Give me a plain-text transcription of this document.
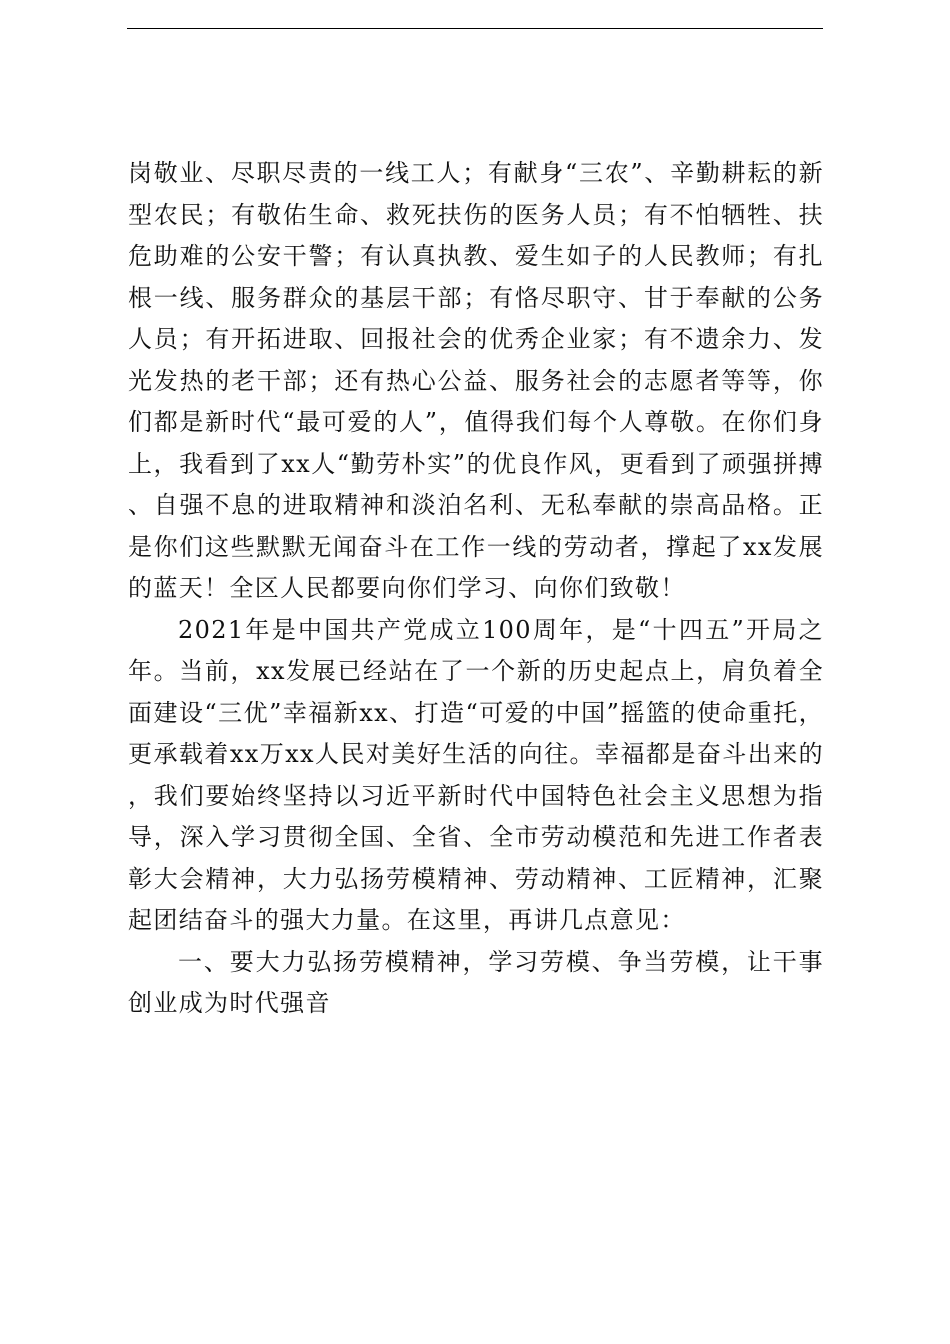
岗敬业、尽职尽责的一线工人；有献身“三农”、辛勤耕耘的新型农民；有敬佑生命、救死扶伤的医务人员；有不怕牺牲、扶危助难的公安干警；有认真执教、爱生如子的人民教师；有扎根一线、服务群众的基层干部；有恪尽职守、甘于奉献的公务人员；有开拓进取、回报社会的优秀企业家；有不遗余力、发光发热的老干部；还有热心公益、服务社会的志愿者等等，你们都是新时代“最可爱的人”，值得我们每个人尊敬。在你们身上，我看到了xx人“勤劳朴实”的优良作风，更看到了顽强拼搏、自强不息的进取精神和淡泊名利、无私奉献的崇高品格。正是你们这些默默无闻奋斗在工作一线的劳动者，撑起了xx发展的蓝天！全区人民都要向你们学习、向你们致敬！

2021年是中国共产党成立100周年，是“十四五”开局之年。当前，xx发展已经站在了一个新的历史起点上，肩负着全面建设“三优”幸福新xx、打造“可爱的中国”摇篮的使命重托，更承载着xx万xx人民对美好生活的向往。幸福都是奋斗出来的，我们要始终坚持以习近平新时代中国特色社会主义思想为指导，深入学习贯彻全国、全省、全市劳动模范和先进工作者表彰大会精神，大力弘扬劳模精神、劳动精神、工匠精神，汇聚起团结奋斗的强大力量。在这里，再讲几点意见：

一、要大力弘扬劳模精神，学习劳模、争当劳模，让干事创业成为时代强音
